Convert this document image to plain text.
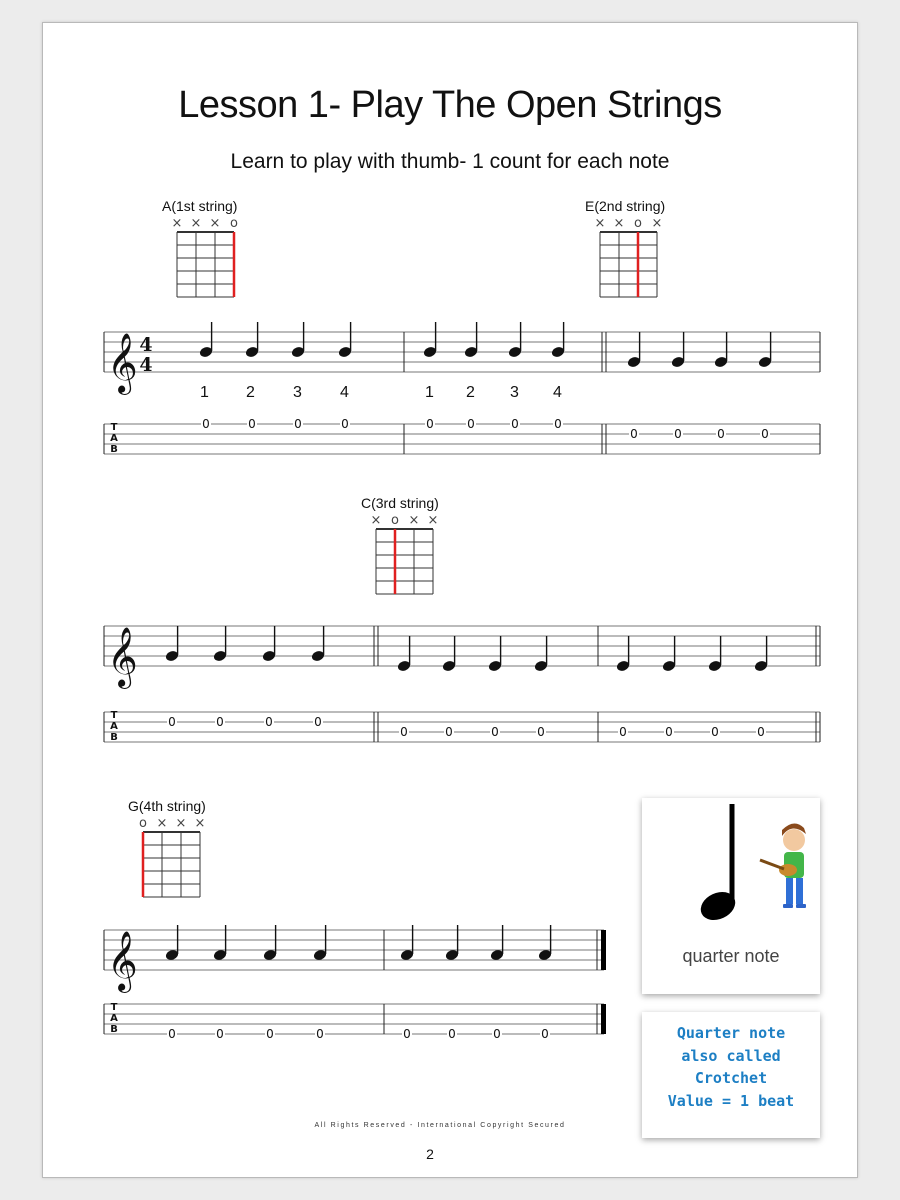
Lesson 1- Play The Open Strings
Learn to play with thumb- 1 count for each note
A(1st string)
× × × o
E(2nd string)
× × o ×
C(3rd string)
× o × ×
G(4th string)
o × × ×
1 2 3 4	1 2 3 4
𝄞 4
4
T
A
B
0	0	0	0	0	0	0	0
0	0	0	0
𝄞
T
A
B
0	0	0	0
0	0	0	0	0	0	0	0
𝄞
T
A
B	0	0	0	0	0	0	0	0
quarter note
Quarter note
also called
Crotchet
Value = 1 beat
All Rights Reserved - International Copyright Secured
2
